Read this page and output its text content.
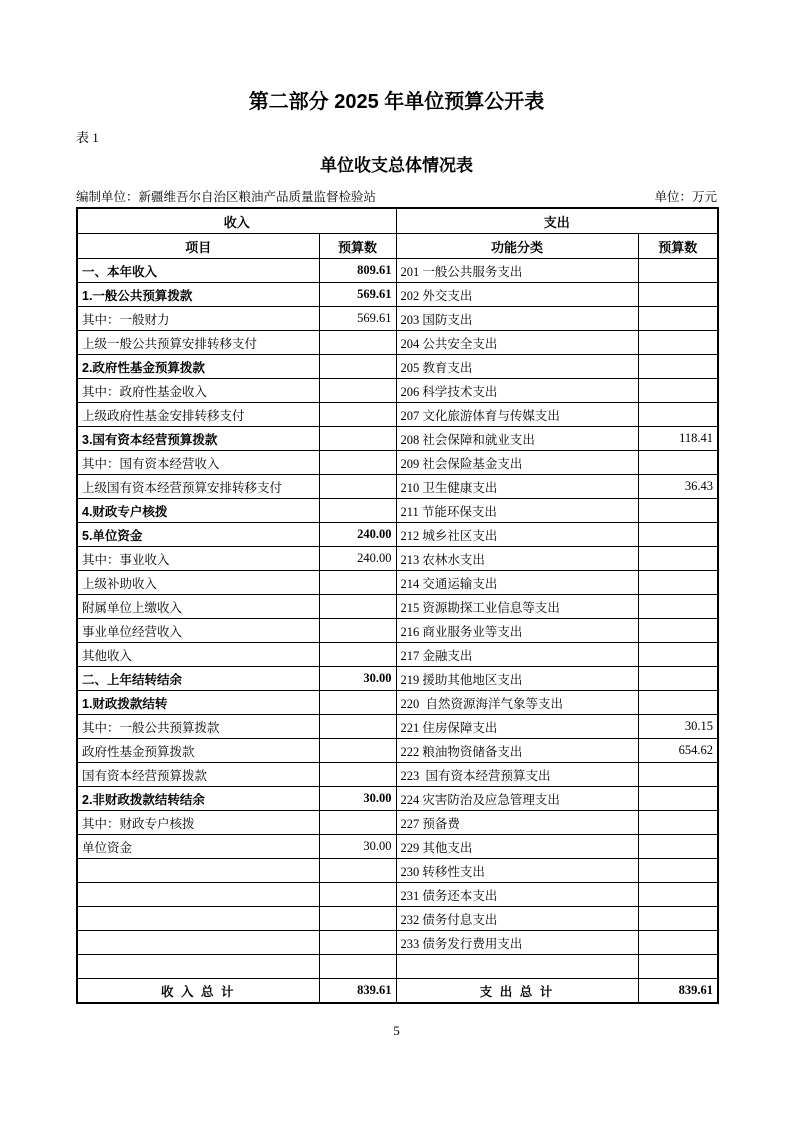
第二部分 2025 年单位预算公开表
表 1
单位收支总体情况表
编制单位：新疆维吾尔自治区粮油产品质量监督检验站	单位：万元
收入		支出	
项目	预算数	功能分类	预算数
一、本年收入	809.61	201 一般公共服务支出	
1.一般公共预算拨款	569.61	202 外交支出	
其中：一般财力	569.61	203 国防支出	
上级一般公共预算安排转移支付		204 公共安全支出	
2.政府性基金预算拨款		205 教育支出	
其中：政府性基金收入		206 科学技术支出	
上级政府性基金安排转移支付		207 文化旅游体育与传媒支出	
3.国有资本经营预算拨款		208 社会保障和就业支出	118.41
其中：国有资本经营收入		209 社会保险基金支出	
上级国有资本经营预算安排转移支付		210 卫生健康支出	36.43
4.财政专户核拨		211 节能环保支出	
5.单位资金	240.00	212 城乡社区支出	
其中：事业收入	240.00	213 农林水支出	
上级补助收入		214 交通运输支出	
附属单位上缴收入		215 资源勘探工业信息等支出	
事业单位经营收入		216 商业服务业等支出	
其他收入		217 金融支出	
二、上年结转结余	30.00	219 援助其他地区支出	
1.财政拨款结转		220  自然资源海洋气象等支出	
其中：一般公共预算拨款		221 住房保障支出	30.15
政府性基金预算拨款		222 粮油物资储备支出	654.62
国有资本经营预算拨款		223  国有资本经营预算支出	
2.非财政拨款结转结余	30.00	224 灾害防治及应急管理支出	
其中：财政专户核拨		227 预备费	
单位资金	30.00	229 其他支出	
		230 转移性支出	
		231 债务还本支出	
		232 债务付息支出	
		233 债务发行费用支出	

收 入 总 计	839.61	支 出 总 计	839.61
5
